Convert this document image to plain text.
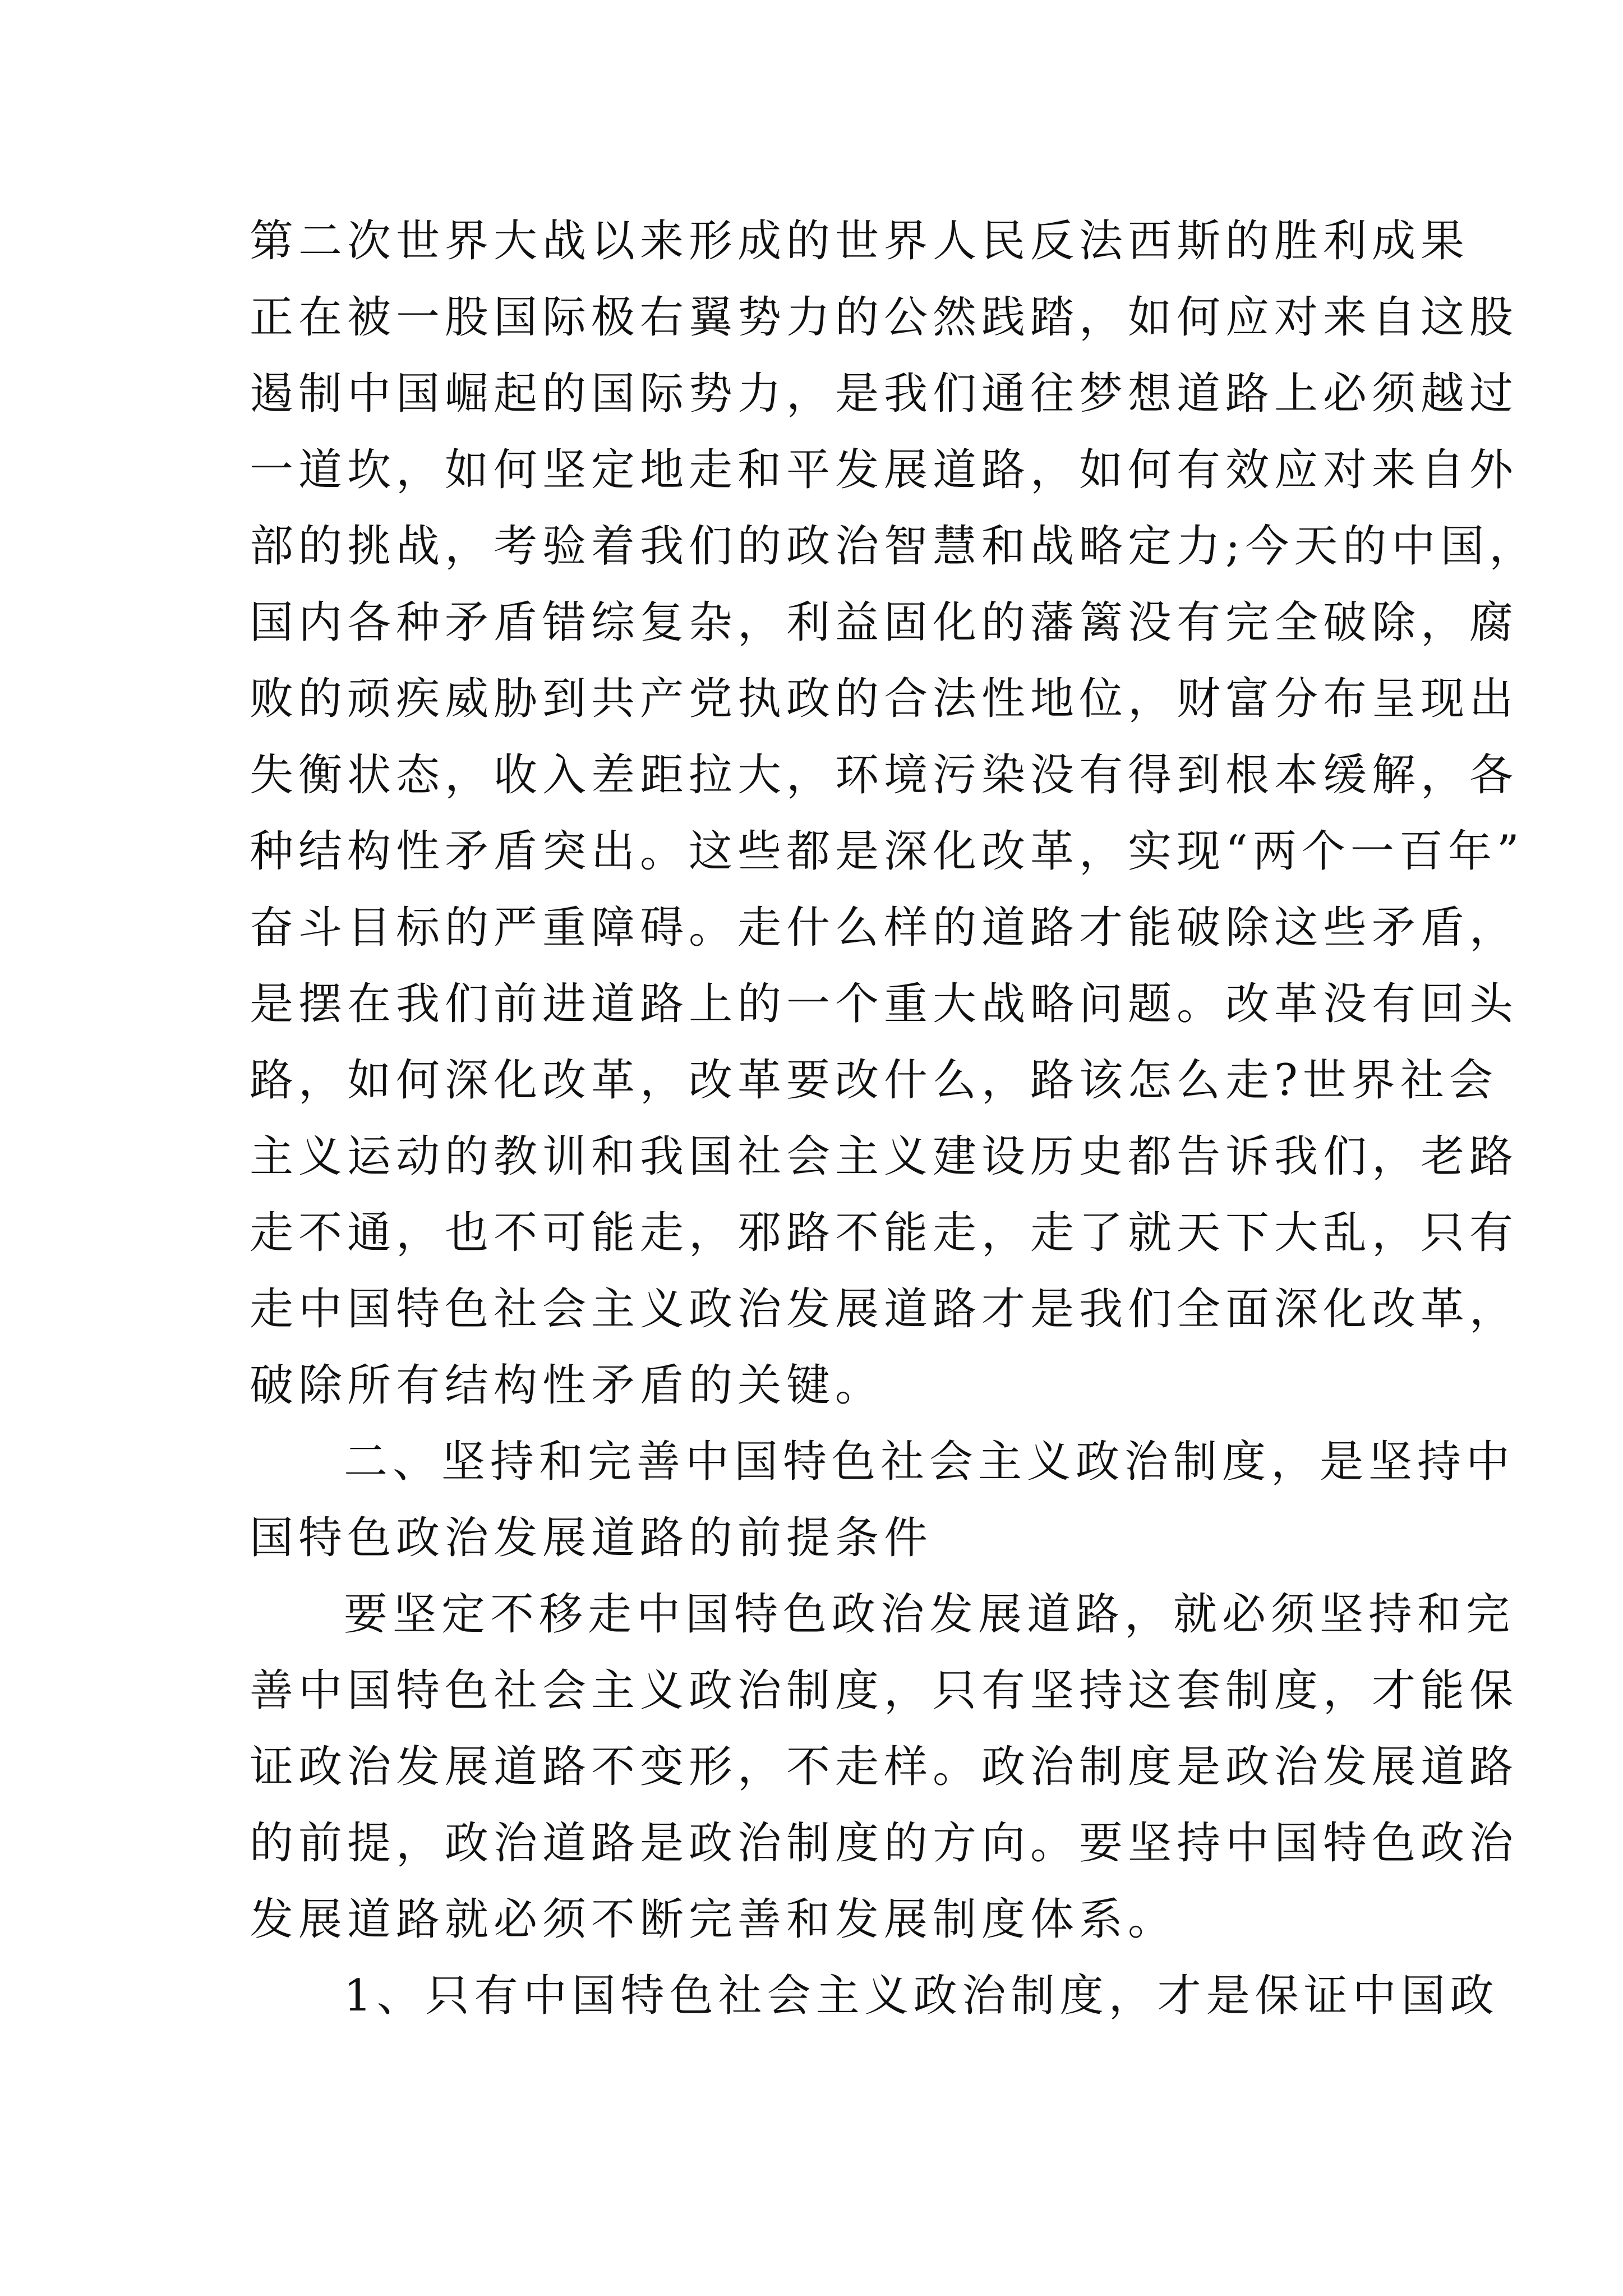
第二次世界大战以来形成的世界人民反法西斯的胜利成果
正在被一股国际极右翼势力的公然践踏，如何应对来自这股
遏制中国崛起的国际势力，是我们通往梦想道路上必须越过
一道坎，如何坚定地走和平发展道路，如何有效应对来自外
部的挑战，考验着我们的政治智慧和战略定力;今天的中国，
国内各种矛盾错综复杂，利益固化的藩篱没有完全破除，腐
败的顽疾威胁到共产党执政的合法性地位，财富分布呈现出
失衡状态，收入差距拉大，环境污染没有得到根本缓解，各
种结构性矛盾突出。这些都是深化改革，实现“两个一百年”
奋斗目标的严重障碍。走什么样的道路才能破除这些矛盾，
是摆在我们前进道路上的一个重大战略问题。改革没有回头
路，如何深化改革，改革要改什么，路该怎么走?世界社会
主义运动的教训和我国社会主义建设历史都告诉我们，老路
走不通，也不可能走，邪路不能走，走了就天下大乱，只有
走中国特色社会主义政治发展道路才是我们全面深化改革，
破除所有结构性矛盾的关键。
二、坚持和完善中国特色社会主义政治制度，是坚持中
国特色政治发展道路的前提条件
要坚定不移走中国特色政治发展道路，就必须坚持和完
善中国特色社会主义政治制度，只有坚持这套制度，才能保
证政治发展道路不变形，不走样。政治制度是政治发展道路
的前提，政治道路是政治制度的方向。要坚持中国特色政治
发展道路就必须不断完善和发展制度体系。
1、只有中国特色社会主义政治制度，才是保证中国政
